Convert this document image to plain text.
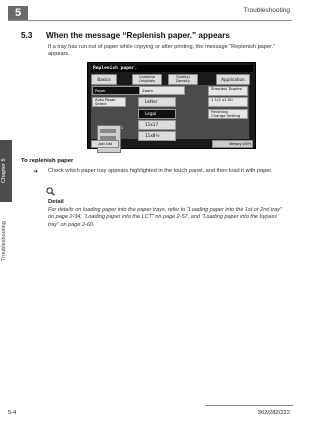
5	Troubleshooting
Chapter 5
Troubleshooting
5.3 When the message “Replenish paper.” appears
If a tray has run out of paper while copying or after printing, the message “Replenish paper.” appears.
Replenish paper.
Basics	Combine Originals
Quality/ Density	Application
Paper	Zoom	Simplex/ Duplex
Auto Paper Select
1 1/2 x1.00
Finishing
Change Setting
Letter
Legal
11x17
11x8½
1
Job List	Memory 100%
To replenish paper
➔ Check which paper tray appears highlighted in the touch panel, and then load it with paper.
Detail
For details on loading paper into the paper trays, refer to “Loading paper into the 1st or 2nd tray” on page 2-34, “Loading paper into the LCT” on page 2-57, and “Loading paper into the bypass tray” on page 2-60.
5-4	362/282/222
